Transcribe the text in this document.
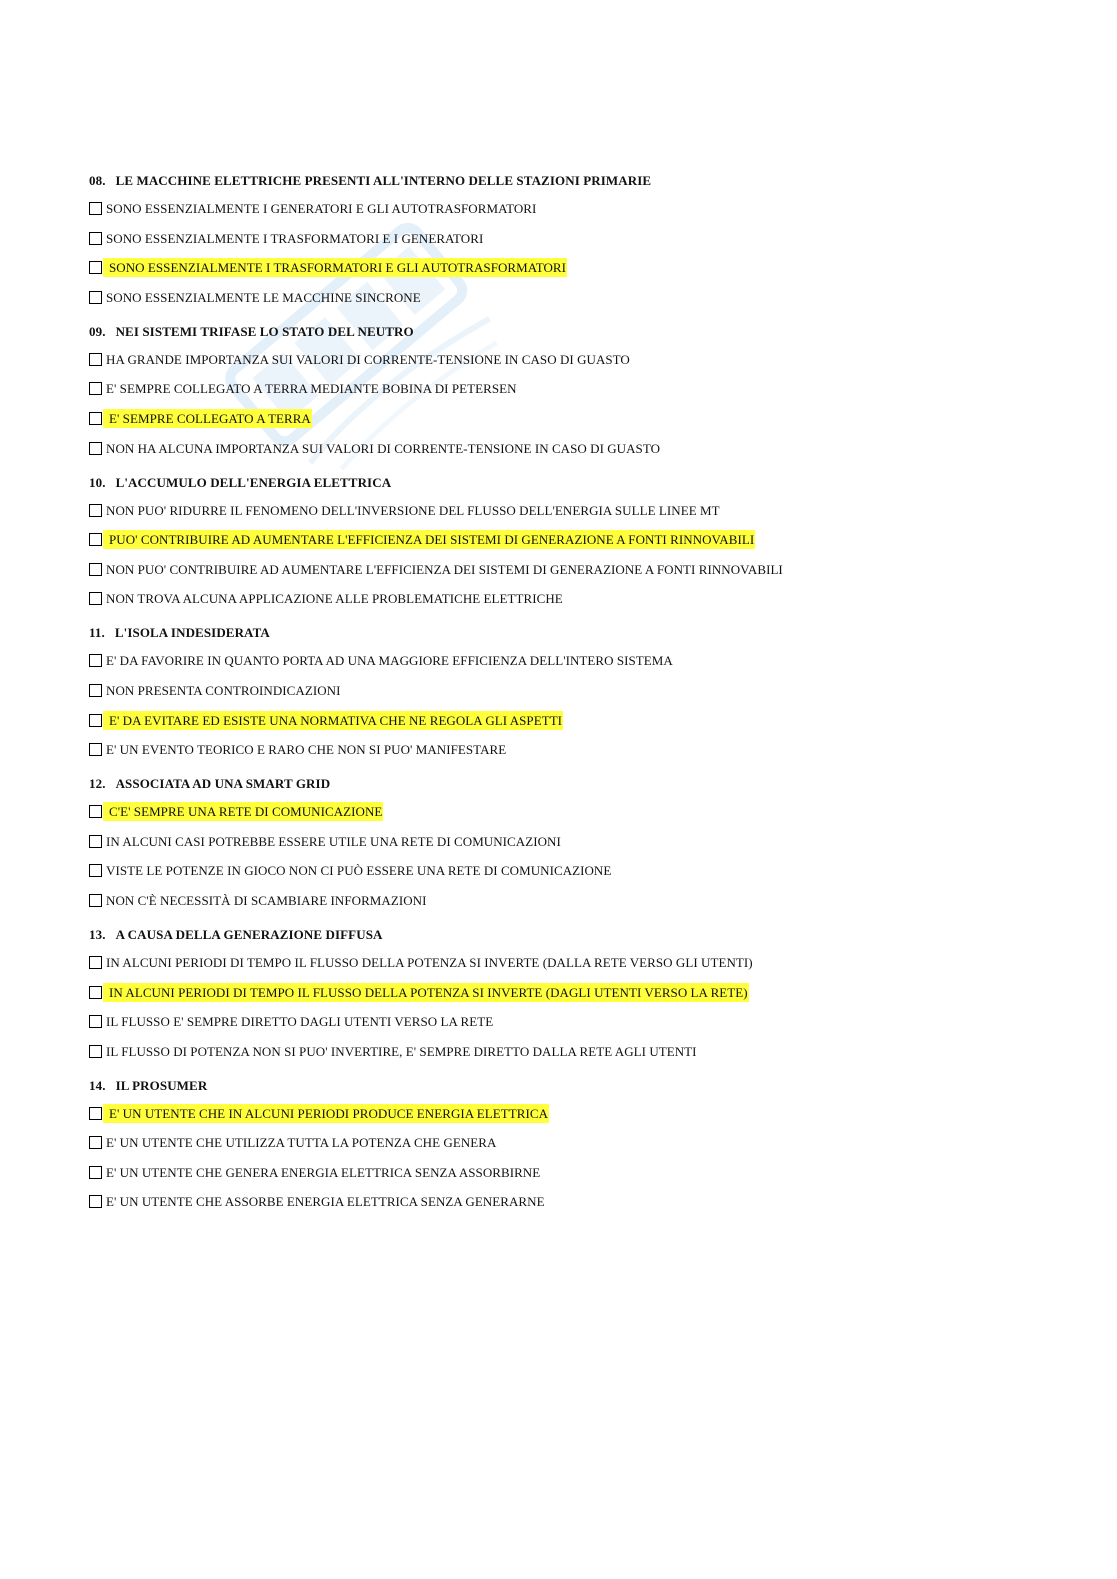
08. LE MACCHINE ELETTRICHE PRESENTI ALL'INTERNO DELLE STAZIONI PRIMARIE
SONO ESSENZIALMENTE I GENERATORI E GLI AUTOTRASFORMATORI
SONO ESSENZIALMENTE I TRASFORMATORI E I GENERATORI
SONO ESSENZIALMENTE I TRASFORMATORI E GLI AUTOTRASFORMATORI
SONO ESSENZIALMENTE LE MACCHINE SINCRONE
09. NEI SISTEMI TRIFASE LO STATO DEL NEUTRO
HA GRANDE IMPORTANZA SUI VALORI DI CORRENTE-TENSIONE IN CASO DI GUASTO
E' SEMPRE COLLEGATO A TERRA MEDIANTE BOBINA DI PETERSEN
E' SEMPRE COLLEGATO A TERRA
NON HA ALCUNA IMPORTANZA SUI VALORI DI CORRENTE-TENSIONE IN CASO DI GUASTO
10. L'ACCUMULO DELL'ENERGIA ELETTRICA
NON PUO' RIDURRE IL FENOMENO DELL'INVERSIONE DEL FLUSSO DELL'ENERGIA SULLE LINEE MT
PUO' CONTRIBUIRE AD AUMENTARE L'EFFICIENZA DEI SISTEMI DI GENERAZIONE A FONTI RINNOVABILI
NON PUO' CONTRIBUIRE AD AUMENTARE L'EFFICIENZA DEI SISTEMI DI GENERAZIONE A FONTI RINNOVABILI
NON TROVA ALCUNA APPLICAZIONE ALLE PROBLEMATICHE ELETTRICHE
11. L'ISOLA INDESIDERATA
E' DA FAVORIRE IN QUANTO PORTA AD UNA MAGGIORE EFFICIENZA DELL'INTERO SISTEMA
NON PRESENTA CONTROINDICAZIONI
E' DA EVITARE ED ESISTE UNA NORMATIVA CHE NE REGOLA GLI ASPETTI
E' UN EVENTO TEORICO E RARO CHE NON SI PUO' MANIFESTARE
12. ASSOCIATA AD UNA SMART GRID
C'E' SEMPRE UNA RETE DI COMUNICAZIONE
IN ALCUNI CASI POTREBBE ESSERE UTILE UNA RETE DI COMUNICAZIONI
VISTE LE POTENZE IN GIOCO NON CI PUÒ ESSERE UNA RETE DI COMUNICAZIONE
NON C'È NECESSITÀ DI SCAMBIARE INFORMAZIONI
13. A CAUSA DELLA GENERAZIONE DIFFUSA
IN ALCUNI PERIODI DI TEMPO IL FLUSSO DELLA POTENZA SI INVERTE (DALLA RETE VERSO GLI UTENTI)
IN ALCUNI PERIODI DI TEMPO IL FLUSSO DELLA POTENZA SI INVERTE (DAGLI UTENTI VERSO LA RETE)
IL FLUSSO E' SEMPRE DIRETTO DAGLI UTENTI VERSO LA RETE
IL FLUSSO DI POTENZA NON SI PUO' INVERTIRE, E' SEMPRE DIRETTO DALLA RETE AGLI UTENTI
14. IL PROSUMER
E' UN UTENTE CHE IN ALCUNI PERIODI PRODUCE ENERGIA ELETTRICA
E' UN UTENTE CHE UTILIZZA TUTTA LA POTENZA CHE GENERA
E' UN UTENTE CHE GENERA ENERGIA ELETTRICA SENZA ASSORBIRNE
E' UN UTENTE CHE ASSORBE ENERGIA ELETTRICA SENZA GENERARNE
